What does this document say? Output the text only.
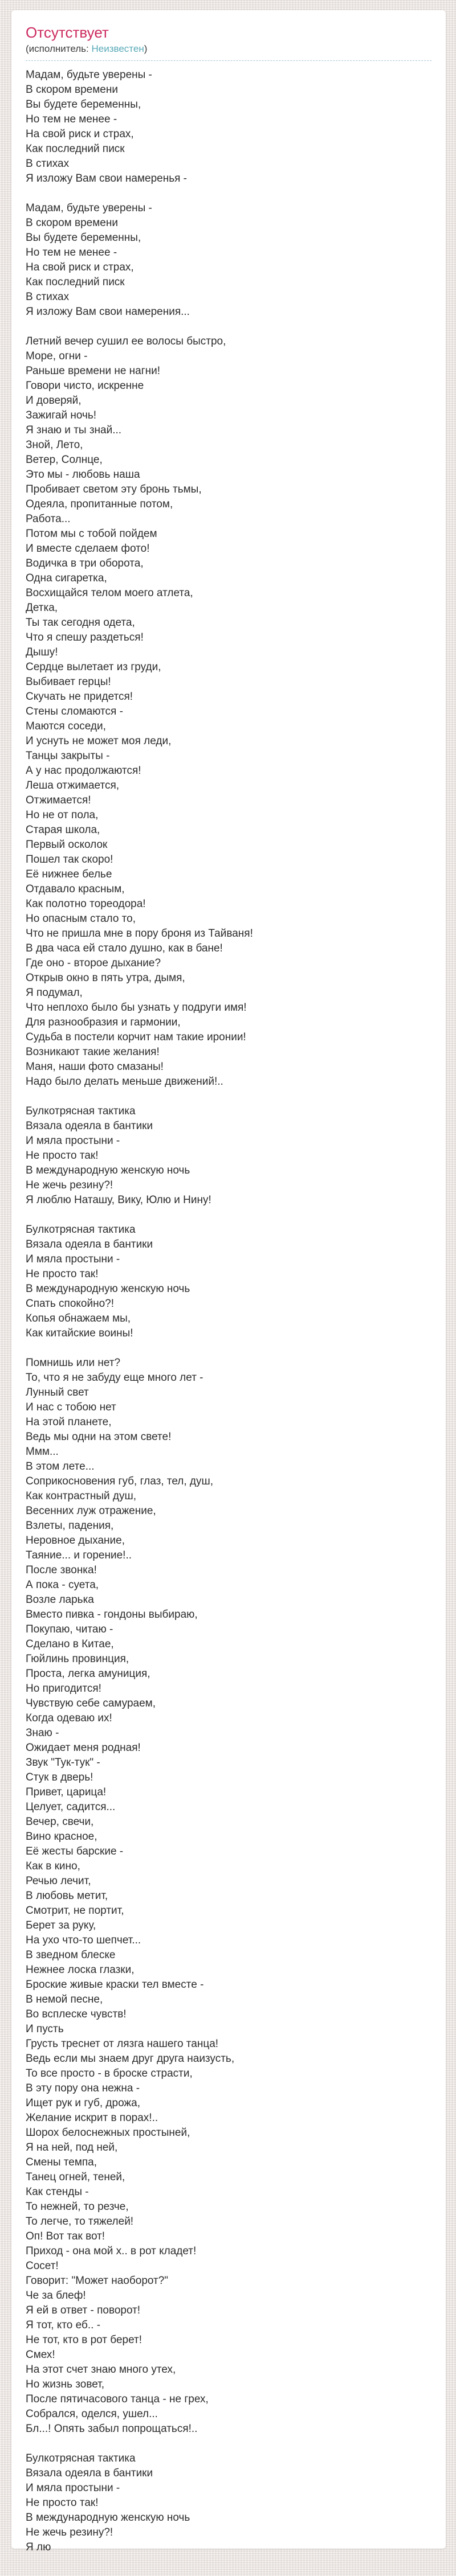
Отсутствует
(исполнитель: Неизвестен)

Мадам, будьте уверены -
В скором времени
Вы будете беременны,
Но тем не менее -
На свой риск и страх,
Как последний писк
В стихах
Я изложу Вам свои намеренья -

Мадам, будьте уверены -
В скором времени
Вы будете беременны,
Но тем не менее -
На свой риск и страх,
Как последний писк
В стихах
Я изложу Вам свои намерения...

Летний вечер сушил ее волосы быстро,
Море, огни -
Раньше времени не нагни!
Говори чисто, искренне
И доверяй,
Зажигай ночь!
Я знаю и ты знай...
Зной, Лето,
Ветер, Солнце,
Это мы - любовь наша
Пробивает светом эту бронь тьмы,
Одеяла, пропитанные потом,
Работа...
Потом мы с тобой пойдем
И вместе сделаем фото!
Водичка в три оборота,
Одна сигаретка,
Восхищайся телом моего атлета,
Детка,
Ты так сегодня одета,
Что я спешу раздеться!
Дышу!
Сердце вылетает из груди,
Выбивает герцы!
Скучать не придется!
Стены сломаются -
Маются соседи,
И уснуть не может моя леди,
Танцы закрыты -
А у нас продолжаются!
Леша отжимается,
Отжимается!
Но не от пола,
Старая школа,
Первый осколок
Пошел так скоро!
Её нижнее белье
Отдавало красным,
Как полотно тореодора!
Но опасным стало то,
Что не пришла мне в пору броня из Тайваня!
В два часа ей стало душно, как в бане!
Где оно - второе дыхание?
Открыв окно в пять утра, дымя,
Я подумал,
Что неплохо было бы узнать у подруги имя!
Для разнообразия и гармонии,
Судьба в постели корчит нам такие иронии!
Возникают такие желания!
Маня, наши фото смазаны!
Надо было делать меньше движений!..

Булкотрясная тактика
Вязала одеяла в бантики
И мяла простыни -
Не просто так!
В международную женскую ночь
Не жечь резину?!
Я люблю Наташу, Вику, Юлю и Нину!

Булкотрясная тактика
Вязала одеяла в бантики
И мяла простыни -
Не просто так!
В международную женскую ночь
Спать спокойно?!
Копья обнажаем мы,
Как китайские воины!

Помнишь или нет?
То, что я не забуду еще много лет -
Лунный свет
И нас с тобою нет
На этой планете,
Ведь мы одни на этом свете!
Ммм...
В этом лете...
Соприкосновения губ, глаз, тел, душ,
Как контрастный душ,
Весенних луж отражение,
Взлеты, падения,
Неровное дыхание,
Таяние... и горение!..
После звонка!
А пока - суета,
Возле ларька
Вместо пивка - гондоны выбираю,
Покупаю, читаю -
Сделано в Китае,
Гюйлинь провинция,
Проста, легка амуниция,
Но пригодится!
Чувствую себе самураем,
Когда одеваю их!
Знаю -
Ожидает меня родная!
Звук "Тук-тук" -
Стук в дверь!
Привет, царица!
Целует, садится...
Вечер, свечи,
Вино красное,
Её жесты барские -
Как в кино,
Речью лечит,
В любовь метит,
Смотрит, не портит,
Берет за руку,
На ухо что-то шепчет...
В зведном блеске
Нежнее лоска глазки,
Броские живые краски тел вместе -
В немой песне,
Во всплеске чувств!
И пусть
Грусть треснет от лязга нашего танца!
Ведь если мы знаем друг друга наизусть,
То все просто - в броске страсти,
В эту пору она нежна -
Ищет рук и губ, дрожа,
Желание искрит в порах!..
Шорох белоснежных простыней,
Я на ней, под ней,
Смены темпа,
Танец огней, теней,
Как стенды -
То нежней, то резче,
То легче, то тяжелей!
Оп! Вот так вот!
Приход - она мой х.. в рот кладет!
Сосет!
Говорит: "Может наоборот?"
Че за блеф!
Я ей в ответ - поворот!
Я тот, кто еб.. -
Не тот, кто в рот берет!
Смех!
На этот счет знаю много утех,
Но жизнь зовет,
После пятичасового танца - не грех,
Собрался, оделся, ушел...
Бл...! Опять забыл попрощаться!..

Булкотрясная тактика
Вязала одеяла в бантики
И мяла простыни -
Не просто так!
В международную женскую ночь
Не жечь резину?!
Я лю
